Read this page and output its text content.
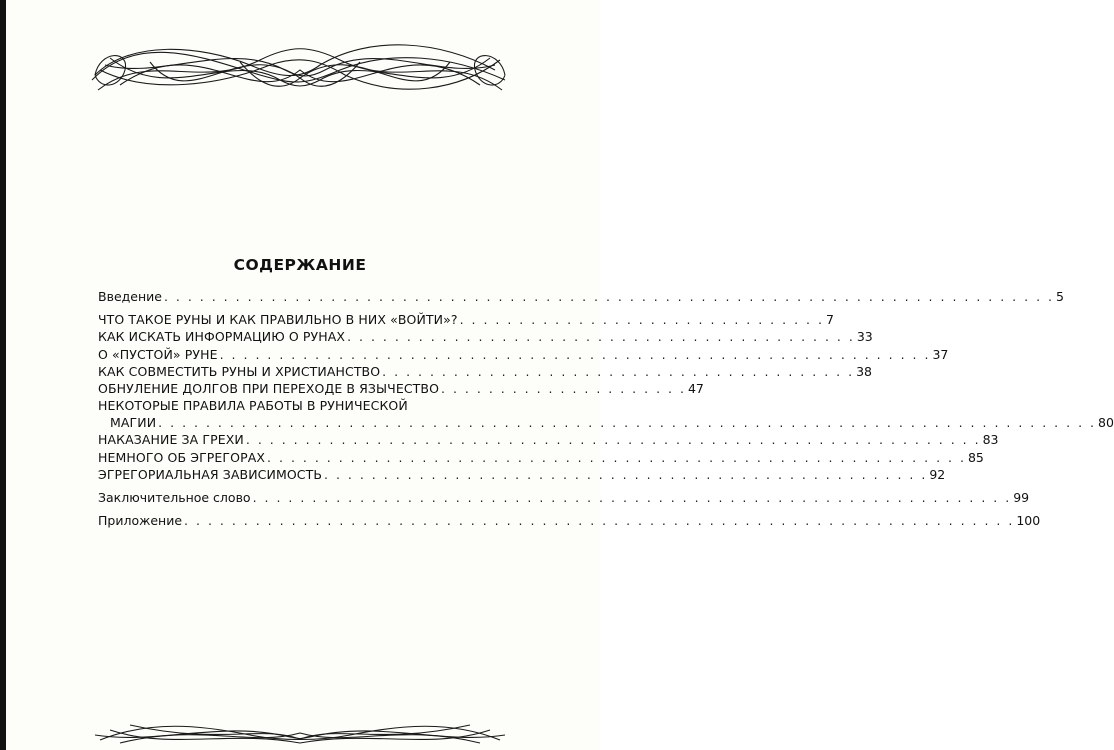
СОДЕРЖАНИЕ
Введение . . . . . . . . . . . . . . . . . . . . . . . . . . . . . . . . . . . . . . . . . . . . . . . . . . . . . . . . . . . . . . . . . . . . . . . . . . . 5
ЧТО ТАКОЕ РУНЫ И КАК ПРАВИЛЬНО В НИХ «ВОЙТИ»? . . . . . . . . . . . . . . . . . . . . . . . . . . . . . . . 7
КАК ИСКАТЬ ИНФОРМАЦИЮ О РУНАХ . . . . . . . . . . . . . . . . . . . . . . . . . . . . . . . . . . . . . . . . . . . 33
О «ПУСТОЙ» РУНЕ . . . . . . . . . . . . . . . . . . . . . . . . . . . . . . . . . . . . . . . . . . . . . . . . . . . . . . . . . . . . 37
КАК СОВМЕСТИТЬ РУНЫ И ХРИСТИАНСТВО . . . . . . . . . . . . . . . . . . . . . . . . . . . . . . . . . . . . . . . . 38
ОБНУЛЕНИЕ ДОЛГОВ ПРИ ПЕРЕХОДЕ В ЯЗЫЧЕСТВО . . . . . . . . . . . . . . . . . . . . . 47
НЕКОТОРЫЕ ПРАВИЛА РАБОТЫ В РУНИЧЕСКОЙ
МАГИИ . . . . . . . . . . . . . . . . . . . . . . . . . . . . . . . . . . . . . . . . . . . . . . . . . . . . . . . . . . . . . . . . . . . . . . . . . . . . . . . 80
НАКАЗАНИЕ ЗА ГРЕХИ . . . . . . . . . . . . . . . . . . . . . . . . . . . . . . . . . . . . . . . . . . . . . . . . . . . . . . . . . . . . . . 83
НЕМНОГО ОБ ЭГРЕГОРАХ . . . . . . . . . . . . . . . . . . . . . . . . . . . . . . . . . . . . . . . . . . . . . . . . . . . . . . . . . . . 85
ЭГРЕГОРИАЛЬНАЯ ЗАВИСИМОСТЬ . . . . . . . . . . . . . . . . . . . . . . . . . . . . . . . . . . . . . . . . . . . . . . . . . . . 92
Заключительное слово . . . . . . . . . . . . . . . . . . . . . . . . . . . . . . . . . . . . . . . . . . . . . . . . . . . . . . . . . . . . . . . . 99
Приложение . . . . . . . . . . . . . . . . . . . . . . . . . . . . . . . . . . . . . . . . . . . . . . . . . . . . . . . . . . . . . . . . . . . . . . 100
